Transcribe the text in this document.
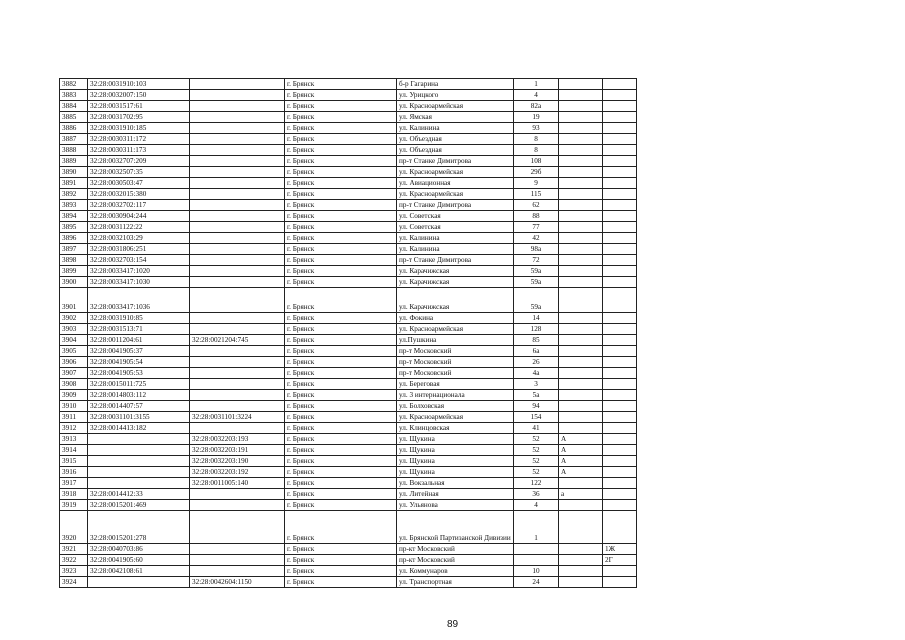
3882	32:28:0031910:103		г. Брянск	б-р Гагарина	1		
3883	32:28:0032007:150		г. Брянск	ул. Урицкого	4		
3884	32:28:0031517:61		г. Брянск	ул. Красноармейская	82а		
3885	32:28:0031702:95		г. Брянск	ул. Ямская	19		
3886	32:28:0031910:185		г. Брянск	ул. Калинина	93		
3887	32:28:0030311:172		г. Брянск	ул. Объездная	8		
3888	32:28:0030311:173		г. Брянск	ул. Объездная	8		
3889	32:28:0032707:209		г. Брянск	пр-т Станке Димитрова	108		
3890	32:28:0032507:35		г. Брянск	ул. Красноармейская	29б		
3891	32:28:0030503:47		г. Брянск	ул. Авиационная	9		
3892	32:28:0032015:380		г. Брянск	ул. Красноармейская	115		
3893	32:28:0032702:117		г. Брянск	пр-т Станке Димитрова	62		
3894	32:28:0030904:244		г. Брянск	ул. Советская	88		
3895	32:28:0031122:22		г. Брянск	ул. Советская	77		
3896	32:28:0032103:29		г. Брянск	ул. Калинина	42		
3897	32:28:0031806:251		г. Брянск	ул. Калинина	98а		
3898	32:28:0032703:154		г. Брянск	пр-т Станке Димитрова	72		
3899	32:28:0033417:1020		г. Брянск	ул. Карачижская	59а		
3900	32:28:0033417:1030		г. Брянск	ул. Карачижская	59а		
3901	32:28:0033417:1036		г. Брянск	ул. Карачижская	59а		
3902	32:28:0031910:85		г. Брянск	ул. Фокина	14		
3903	32:28:0031513:71		г. Брянск	ул. Красноармейская	128		
3904	32:28:0011204:61	32:28:0021204:745	г. Брянск	ул.Пушкина	85		
3905	32:28:0041905:37		г. Брянск	пр-т Московский	6а		
3906	32:28:0041905:54		г. Брянск	пр-т Московский	26		
3907	32:28:0041905:53		г. Брянск	пр-т Московский	4а		
3908	32:28:0015011:725		г. Брянск	ул. Береговая	3		
3909	32:28:0014803:112		г. Брянск	ул. 3 интернационала	5а		
3910	32:28:0014407:57		г. Брянск	ул. Болховская	94		
3911	32:28:0031101:3155	32:28:0031101:3224	г. Брянск	ул. Красноармейская	154		
3912	32:28:0014413:182		г. Брянск	ул. Клинцовская	41		
3913		32:28:0032203:193	г. Брянск	ул. Щукина	52	А	
3914		32:28:0032203:191	г. Брянск	ул. Щукина	52	А	
3915		32:28:0032203:190	г. Брянск	ул. Щукина	52	А	
3916		32:28:0032203:192	г. Брянск	ул. Щукина	52	А	
3917		32:28:0011005:140	г. Брянск	ул. Вокзальная	122		
3918	32:28:0014412:33		г. Брянск	ул. Литейная	36	а	
3919	32:28:0015201:469		г. Брянск	ул. Ульянова	4		
3920	32:28:0015201:278		г. Брянск	ул. Брянской Партизанской Дивизии	1		
3921	32:28:0040703:86		г. Брянск	пр-кт Московский			1Ж
3922	32:28:0041905:60		г. Брянск	пр-кт Московский			2Г
3923	32:28:0042108:61		г. Брянск	ул. Коммунаров	10		
3924		32:28:0042604:1150	г. Брянск	ул. Транспортная	24		
89
